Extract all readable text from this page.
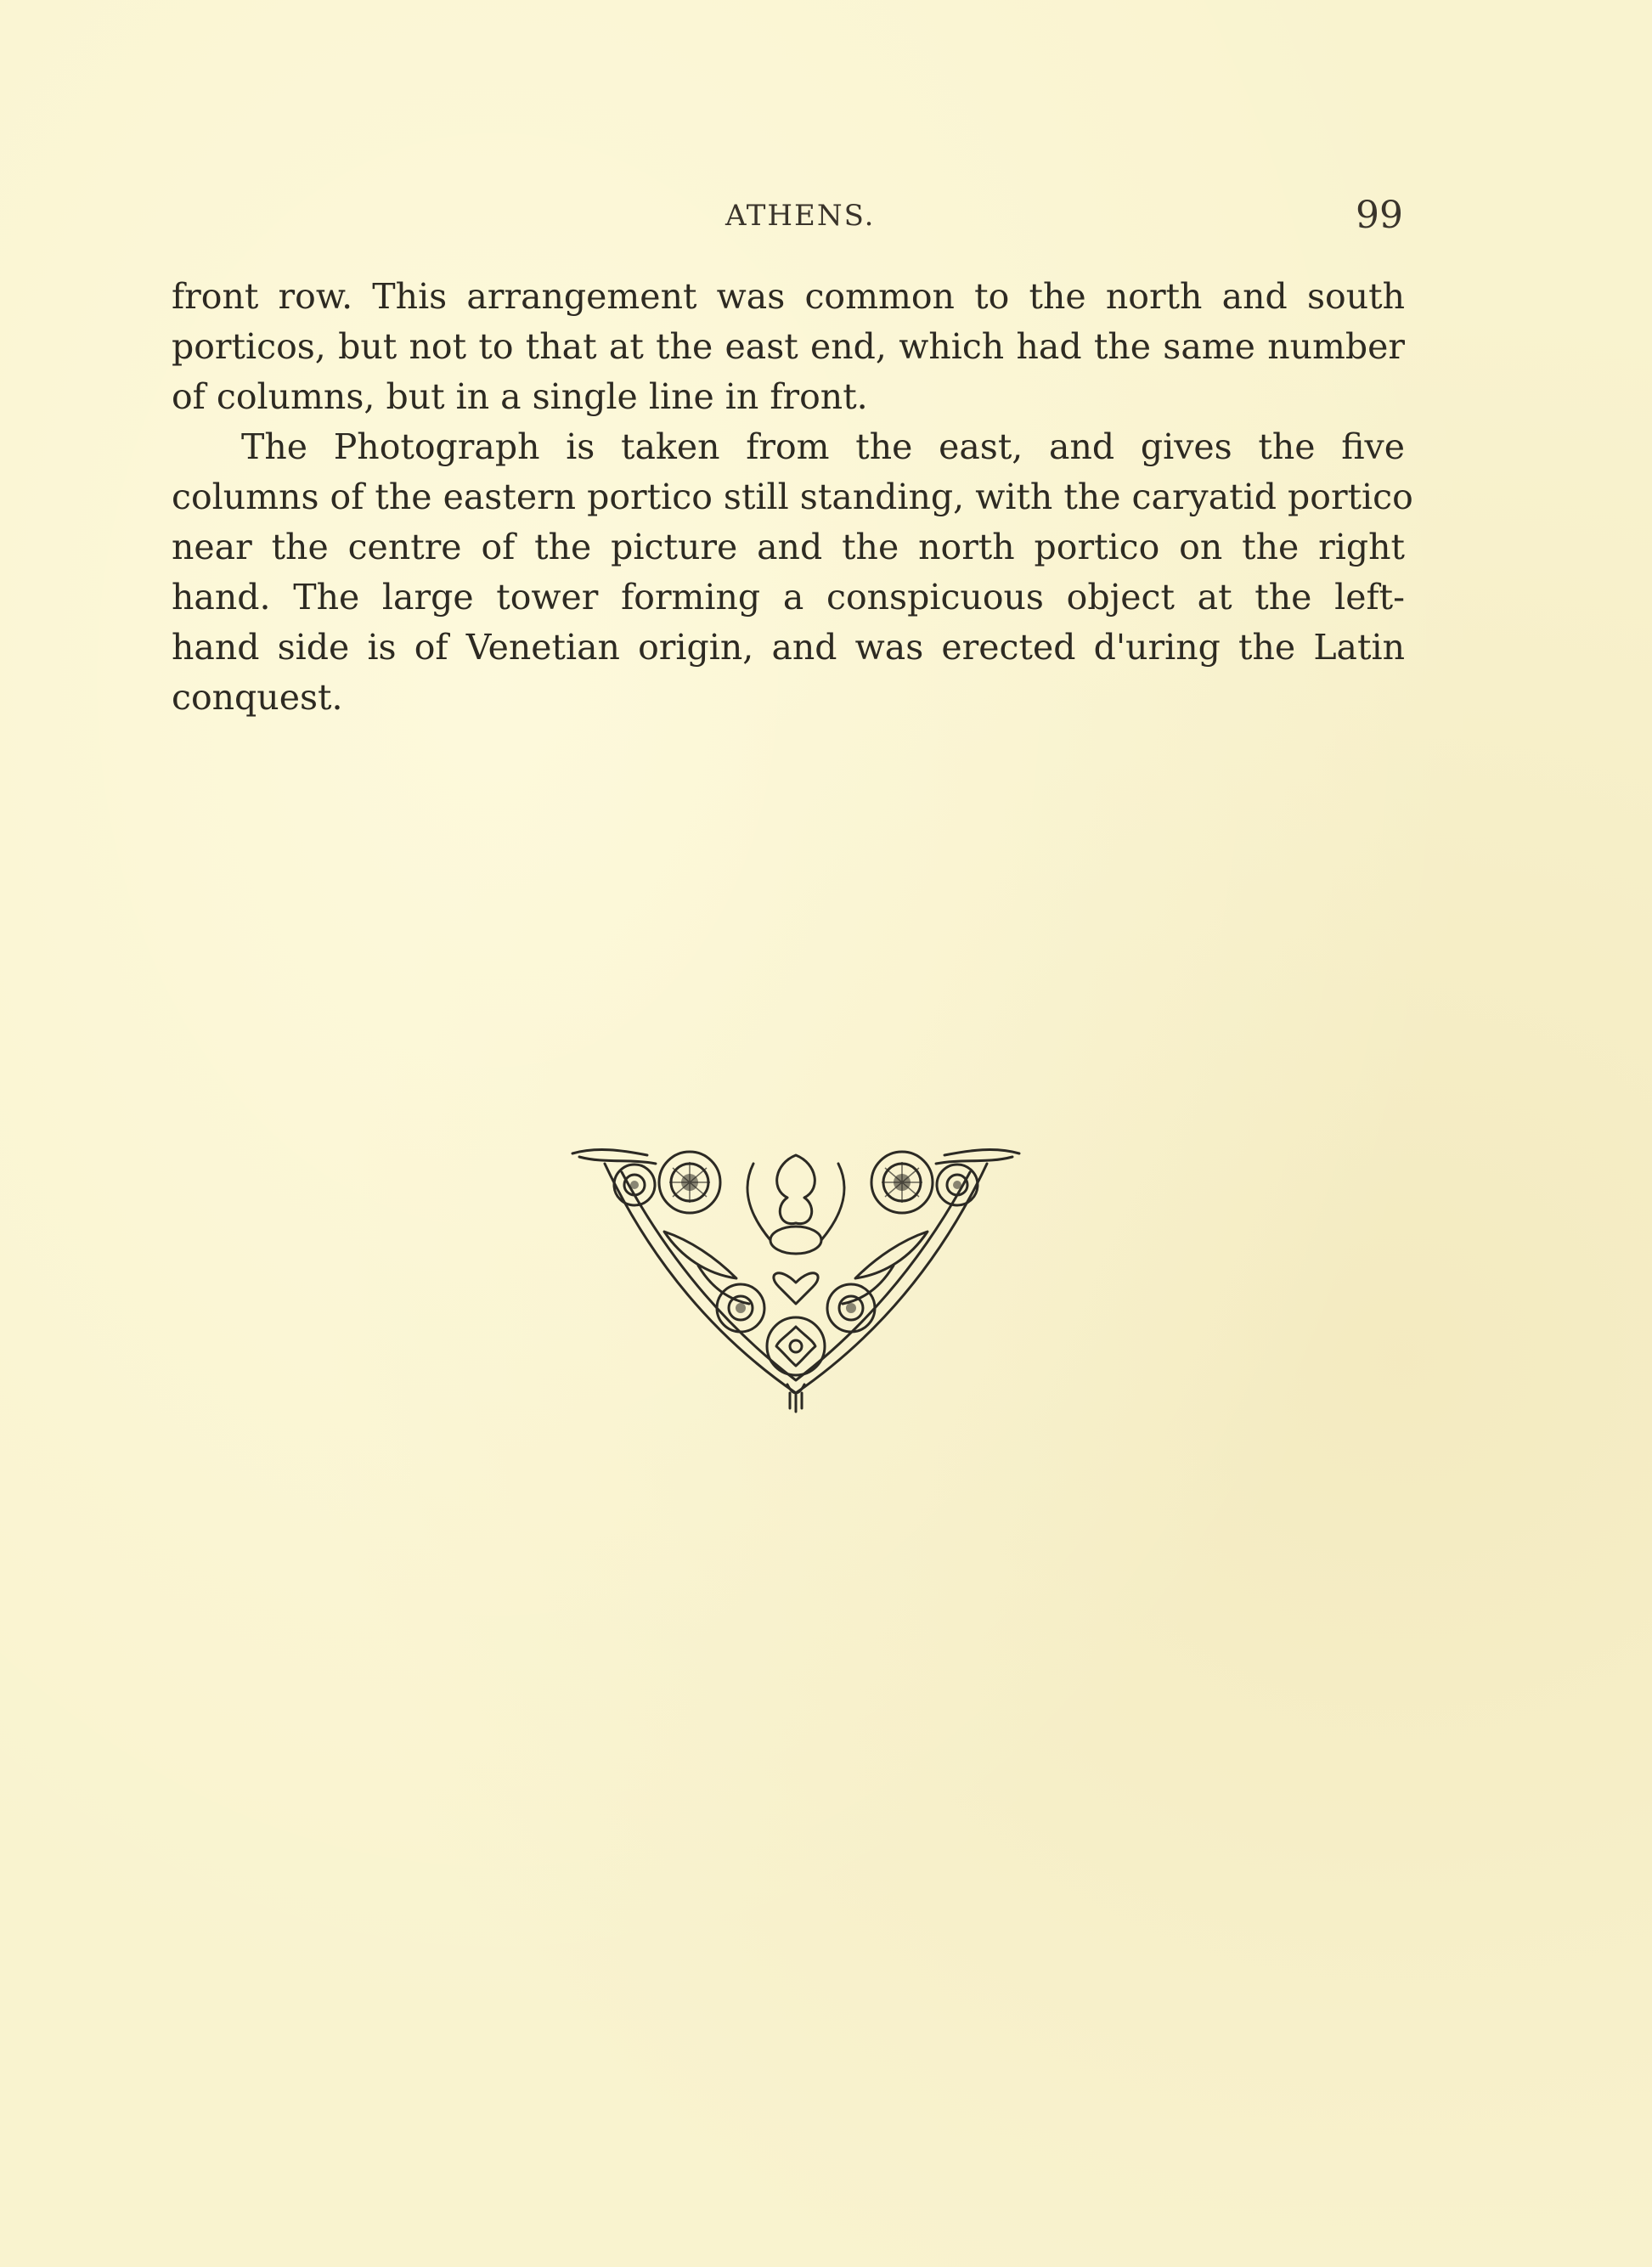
ATHENS.	99

front row. This arrangement was common to the north and south
porticos, but not to that at the east end, which had the same number
of columns, but in a single line in front.

The Photograph is taken from the east, and gives the five
columns of the eastern portico still standing, with the caryatid portico
near the centre of the picture and the north portico on the right
hand. The large tower forming a conspicuous object at the left-
hand side is of Venetian origin, and was erected d'uring the Latin
conquest.
